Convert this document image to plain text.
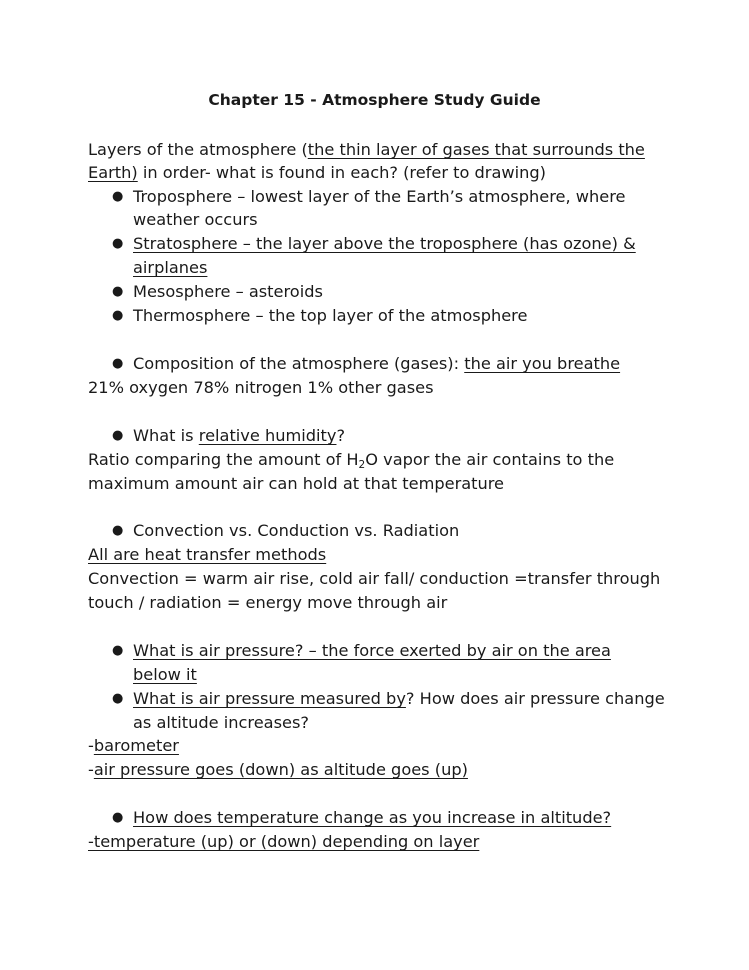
Chapter 15 - Atmosphere Study Guide
Layers of the atmosphere (the thin layer of gases that surrounds the
Earth) in order- what is found in each? (refer to drawing)
● Troposphere – lowest layer of the Earth’s atmosphere, where
weather occurs
● Stratosphere – the layer above the troposphere (has ozone) &
airplanes
● Mesosphere – asteroids
● Thermosphere – the top layer of the atmosphere
● Composition of the atmosphere (gases): the air you breathe
21% oxygen 78% nitrogen 1% other gases
● What is relative humidity?
Ratio comparing the amount of $H_2O$ vapor the air contains to the
maximum amount air can hold at that temperature
● Convection vs. Conduction vs. Radiation
All are heat transfer methods
Convection = warm air rise, cold air fall/ conduction =transfer through
touch / radiation = energy move through air
● What is air pressure? – the force exerted by air on the area
below it
● What is air pressure measured by? How does air pressure change
as altitude increases?
-barometer
-air pressure goes (down) as altitude goes (up)
● How does temperature change as you increase in altitude?
-temperature (up) or (down) depending on layer
